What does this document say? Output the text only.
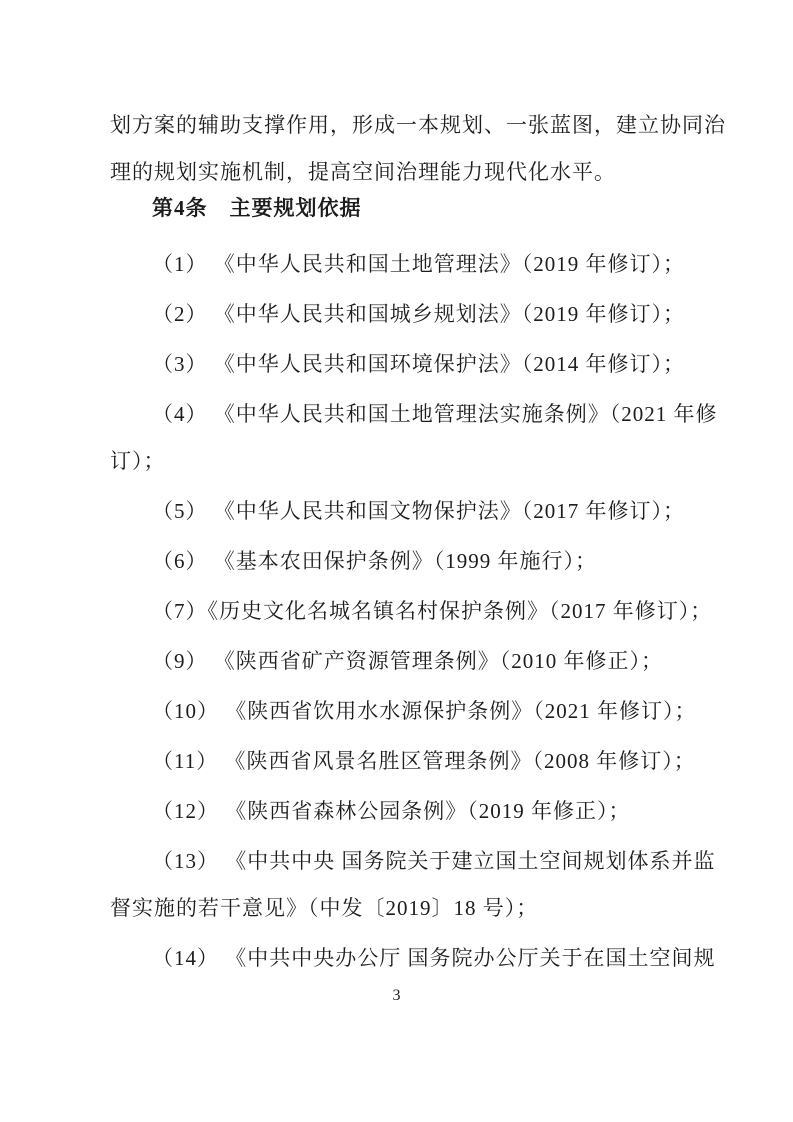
划方案的辅助支撑作用，形成一本规划、一张蓝图，建立协同治
理的规划实施机制，提高空间治理能力现代化水平。
第4条 主要规划依据
（1） 《中华人民共和国土地管理法》（2019 年修订）；
（2） 《中华人民共和国城乡规划法》（2019 年修订）；
（3） 《中华人民共和国环境保护法》（2014 年修订）；
（4） 《中华人民共和国土地管理法实施条例》（2021 年修
订）；
（5） 《中华人民共和国文物保护法》（2017 年修订）；
（6） 《基本农田保护条例》（1999 年施行）；
（7）《历史文化名城名镇名村保护条例》（2017 年修订）；
（9） 《陕西省矿产资源管理条例》（2010 年修正）；
（10） 《陕西省饮用水水源保护条例》（2021 年修订）；
（11） 《陕西省风景名胜区管理条例》（2008 年修订）；
（12） 《陕西省森林公园条例》（2019 年修正）；
（13） 《中共中央 国务院关于建立国土空间规划体系并监
督实施的若干意见》（中发〔2019〕18 号）；
（14） 《中共中央办公厅 国务院办公厅关于在国土空间规
3
